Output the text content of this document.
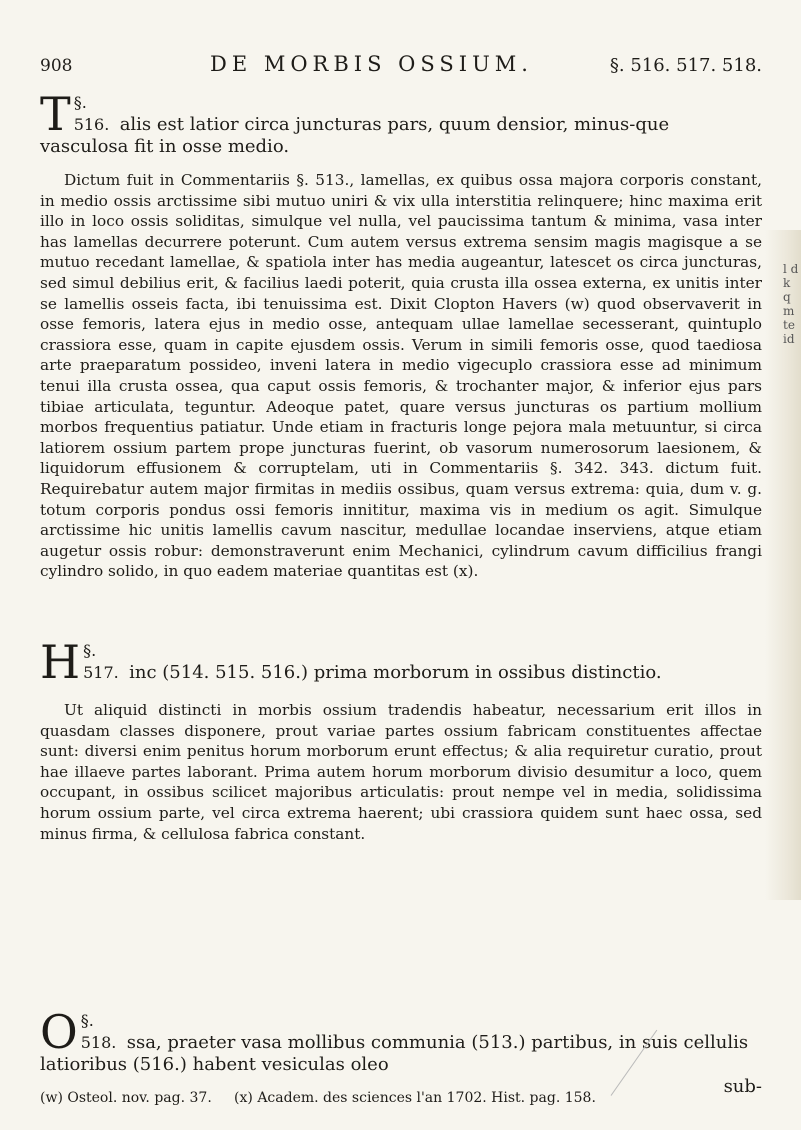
908	DE MORBIS OSSIUM.	§. 516. 517. 518.
§. 516.
T	alis est latior circa juncturas pars, quum densior, minus-que vasculosa fit in osse medio.

Dictum fuit in Commentariis §. 513., lamellas, ex quibus ossa majora corporis constant, in medio ossis arctissime sibi mutuo uniri & vix ulla interstitia relinquere; hinc maxima erit illo in loco ossis soliditas, simulque vel nulla, vel paucissima tantum & minima, vasa inter has lamellas decurrere poterunt. Cum autem versus extrema sensim magis magisque a se mutuo recedant lamellae, & spatiola inter has media augeantur, latescet os circa juncturas, sed simul debilius erit, & facilius laedi poterit, quia crusta illa ossea externa, ex unitis inter se lamellis osseis facta, ibi tenuissima est. Dixit Clopton Havers (w) quod observaverit in osse femoris, latera ejus in medio osse, antequam ullae lamellae secesserant, quintuplo crassiora esse, quam in capite ejusdem ossis. Verum in simili femoris osse, quod taediosa arte praeparatum possideo, inveni latera in medio vigecuplo crassiora esse ad minimum tenui illa crusta ossea, qua caput ossis femoris, & trochanter major, & inferior ejus pars tibiae articulata, teguntur. Adeoque patet, quare versus juncturas os partium mollium morbos frequentius patiatur. Unde etiam in fracturis longe pejora mala metuuntur, si circa latiorem ossium partem prope juncturas fuerint, ob vasorum numerosorum laesionem, & liquidorum effusionem & corruptelam, uti in Commentariis §. 342. 343. dictum fuit. Requirebatur autem major firmitas in mediis ossibus, quam versus extrema: quia, dum v. g. totum corporis pondus ossi femoris innititur, maxima vis in medium os agit. Simulque arctissime hic unitis lamellis cavum nascitur, medullae locandae inserviens, atque etiam augetur ossis robur: demonstraverunt enim Mechanici, cylindrum cavum difficilius frangi cylindro solido, in quo eadem materiae quantitas est (x).

§. 517.
H	inc (514. 515. 516.) prima morborum in ossibus distinctio.

Ut aliquid distincti in morbis ossium tradendis habeatur, necessarium erit illos in quasdam classes disponere, prout variae partes ossium fabricam constituentes affectae sunt: diversi enim penitus horum morborum erunt effectus; & alia requiretur curatio, prout hae illaeve partes laborant. Prima autem horum morborum divisio desumitur a loco, quem occupant, in ossibus scilicet majoribus articulatis: prout nempe vel in media, solidissima horum ossium parte, vel circa extrema haerent; ubi crassiora quidem sunt haec ossa, sed minus firma, & cellulosa fabrica constant.

§. 518.
O	ssa, praeter vasa mollibus communia (513.) partibus, in suis cellulis latioribus (516.) habent vesiculas oleo
sub-
(w) Osteol. nov. pag. 37. (x) Academ. des sciences l'an 1702. Hist. pag. 158.
l d k q m te id
